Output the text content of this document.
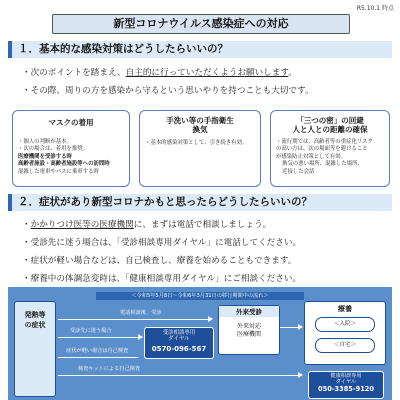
R5.10.1 時点
新型コロナウイルス感染症への対応
１．基本的な感染対策はどうしたらいいの？
・次のポイントを踏まえ、自主的に行っていただくようお願いします。
・その際、周りの方を感染から守るという思いやりを持つことも大切です。
マスクの着用
・個人の判断が基本。
・次の場合は、着用を推奨。
医療機関を受診する時
高齢者施設・高齢者施設等への訪問時
混雑した電車やバスに乗車する時
手洗い等の手指衛生
換気
・基本的感染対策として、引き続き有効。
「三つの密」の回避
人と人との距離の確保
・流行期では、高齢者等の重症化リスク
の高い方は、次の場面等を避けること
が感染防止対策として有効。
換気の悪い場所、混雑した場所、
近接した会話
２．症状があり新型コロナかもと思ったらどうしたらいいの？
・かかりつけ医等の医療機関に、まずは電話で相談しましょう。
・受診先に迷う場合は、「受診相談専用ダイヤル」に電話してください。
・症状が軽い場合などは、自己検査し、療養を始めることもできます。
・療養中の体調急変時は、「健康相談専用ダイヤル」にご相談ください。
発熱等
の症状
電話相談後、受診
受診先に迷う場合
症状が軽い場合は自己検査
検査キットによる自己検査
受診相談専用
ダイヤル
0570-096-567
外来受診
外来対応
医療機関
療養
＜入院＞
＜自宅＞
健康相談専用
ダイヤル
050-3385-9120
＜令和5年5月8日〜令和6年3月31日の移行期間中の流れ＞
